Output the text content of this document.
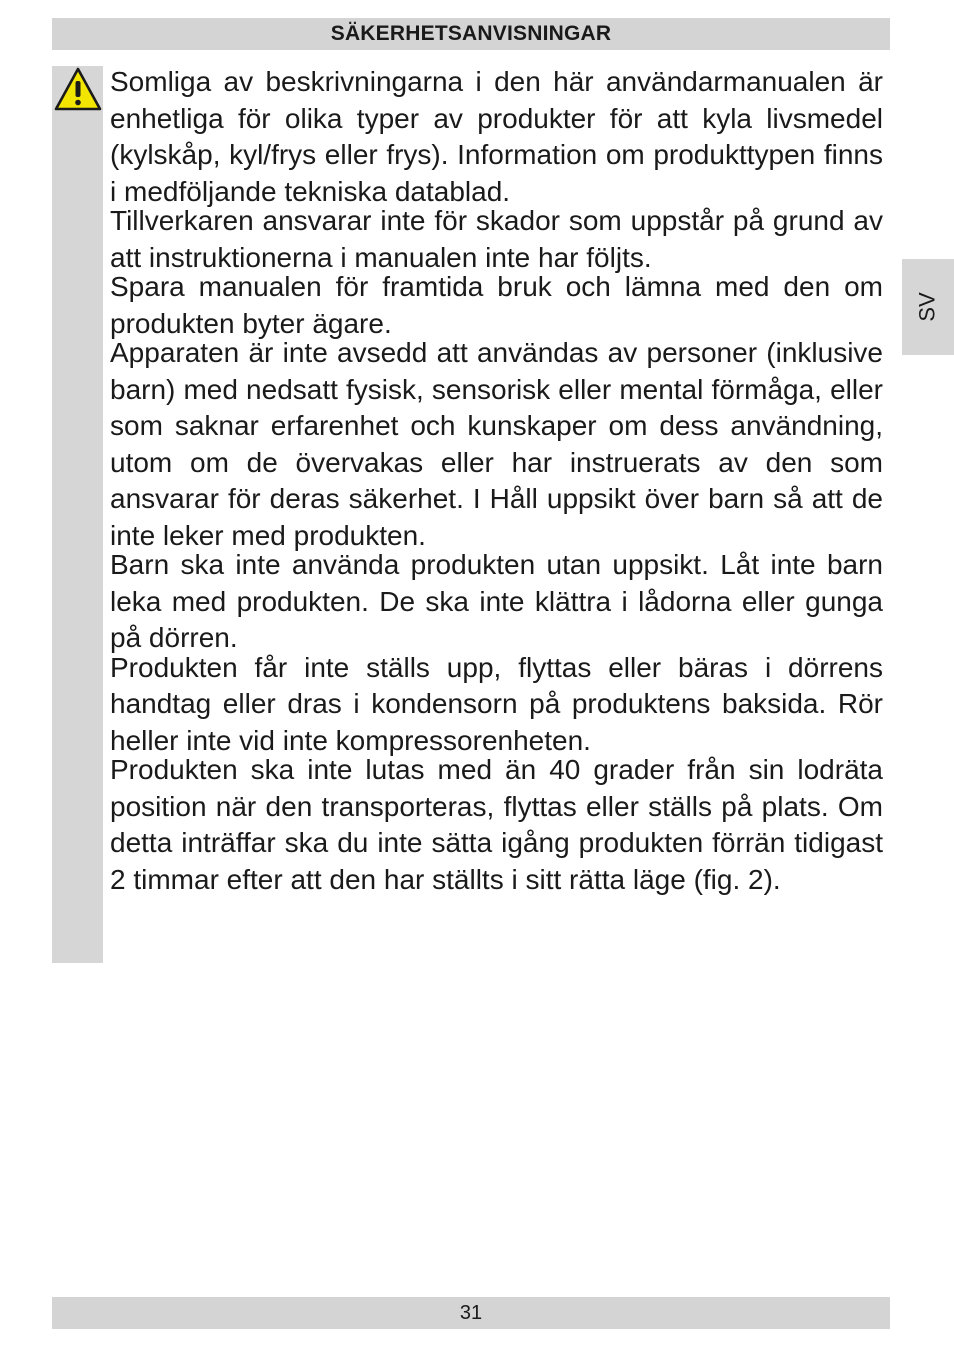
SÄKERHETSANVISNINGAR
SV

Somliga av beskrivningarna i den här användarmanualen är enhetliga för olika typer av produkter för att kyla livsmedel (kylskåp, kyl/frys eller frys). Information om produkttypen finns i medföljande tekniska datablad.

Tillverkaren ansvarar inte för skador som uppstår på grund av att instruktionerna i manualen inte har följts.

Spara manualen för framtida bruk och lämna med den om produkten byter ägare.

Apparaten är inte avsedd att användas av personer (inklusive barn) med nedsatt fysisk, sensorisk eller mental förmåga, eller som saknar erfarenhet och kunskaper om dess användning, utom om de övervakas eller har instruerats av den som ansvarar för deras säkerhet. I Håll uppsikt över barn så att de inte leker med produkten.

Barn ska inte använda produkten utan uppsikt. Låt inte barn leka med produkten. De ska inte klättra i lådorna eller gunga på dörren.

Produkten får inte ställs upp, flyttas eller bäras i dörrens handtag eller dras i kondensorn på produktens baksida. Rör heller inte vid inte kompressorenheten.

Produkten ska inte lutas med än 40 grader från sin lodräta position när den transporteras, flyttas eller ställs på plats. Om detta inträffar ska du inte sätta igång produkten förrän tidigast 2 timmar efter att den har ställts i sitt rätta läge (fig. 2).

31
